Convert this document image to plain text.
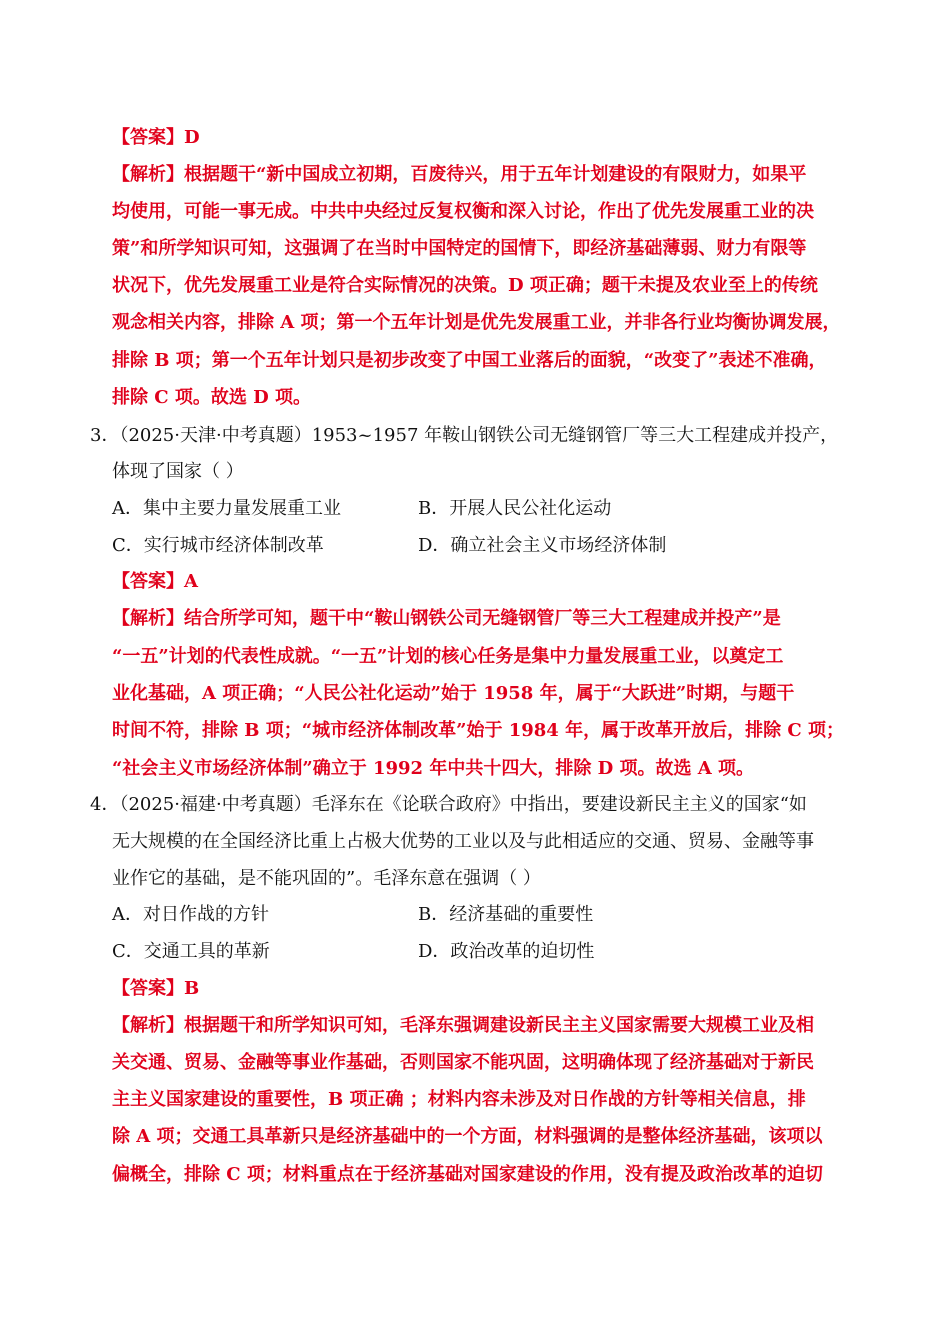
【答案】D
【解析】根据题干“新中国成立初期，百废待兴，用于五年计划建设的有限财力，如果平
均使用，可能一事无成。中共中央经过反复权衡和深入讨论，作出了优先发展重工业的决
策”和所学知识可知，这强调了在当时中国特定的国情下，即经济基础薄弱、财力有限等
状况下，优先发展重工业是符合实际情况的决策。D 项正确；题干未提及农业至上的传统
观念相关内容，排除 A 项；第一个五年计划是优先发展重工业，并非各行业均衡协调发展，
排除 B 项；第一个五年计划只是初步改变了中国工业落后的面貌，“改变了”表述不准确，
排除 C 项。故选 D 项。
3．（2025·天津·中考真题）1953~1957 年鞍山钢铁公司无缝钢管厂等三大工程建成并投产，
体现了国家（ ）
A．集中主要力量发展重工业	B．开展人民公社化运动
C．实行城市经济体制改革	D．确立社会主义市场经济体制
【答案】A
【解析】结合所学可知，题干中“鞍山钢铁公司无缝钢管厂等三大工程建成并投产”是
“一五”计划的代表性成就。“一五”计划的核心任务是集中力量发展重工业，以奠定工
业化基础，A 项正确；“人民公社化运动”始于 1958 年，属于“大跃进”时期，与题干
时间不符，排除 B 项；“城市经济体制改革”始于 1984 年，属于改革开放后，排除 C 项；
“社会主义市场经济体制”确立于 1992 年中共十四大，排除 D 项。故选 A 项。
4．（2025·福建·中考真题）毛泽东在《论联合政府》中指出，要建设新民主主义的国家“如
无大规模的在全国经济比重上占极大优势的工业以及与此相适应的交通、贸易、金融等事
业作它的基础，是不能巩固的”。毛泽东意在强调（ ）
A．对日作战的方针	B．经济基础的重要性
C．交通工具的革新	D．政治改革的迫切性
【答案】B
【解析】根据题干和所学知识可知，毛泽东强调建设新民主主义国家需要大规模工业及相
关交通、贸易、金融等事业作基础，否则国家不能巩固，这明确体现了经济基础对于新民
主主义国家建设的重要性，B 项正确 ；材料内容未涉及对日作战的方针等相关信息，排
除 A 项；交通工具革新只是经济基础中的一个方面，材料强调的是整体经济基础，该项以
偏概全，排除 C 项；材料重点在于经济基础对国家建设的作用，没有提及政治改革的迫切
